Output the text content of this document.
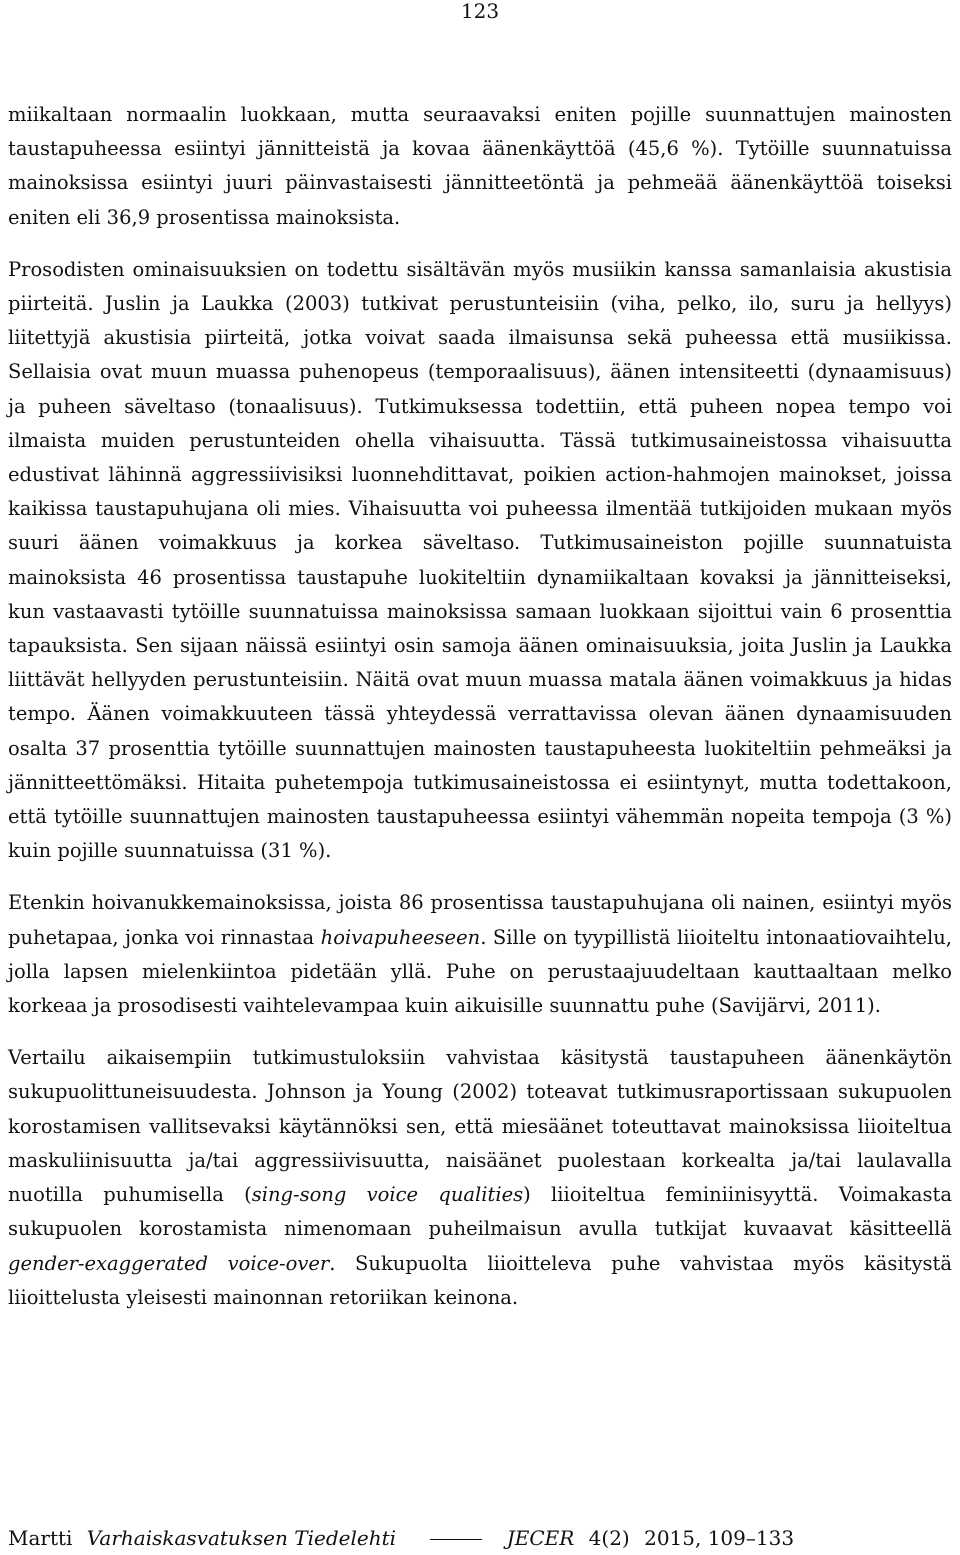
123

miikaltaan normaalin luokkaan, mutta seuraavaksi eniten pojille suunnattujen mainosten taustapuheessa esiintyi jännitteistä ja kovaa äänenkäyttöä (45,6 %). Tytöille suunnatuissa mainoksissa esiintyi juuri päinvastaisesti jännitteetöntä ja pehmeää äänenkäyttöä toiseksi eniten eli 36,9 prosentissa mainoksista.

Prosodisten ominaisuuksien on todettu sisältävän myös musiikin kanssa samanlaisia akustisia piirteitä. Juslin ja Laukka (2003) tutkivat perustunteisiin (viha, pelko, ilo, suru ja hellyys) liitettyjä akustisia piirteitä, jotka voivat saada ilmaisunsa sekä puheessa että musiikissa. Sellaisia ovat muun muassa puhenopeus (temporaalisuus), äänen intensiteetti (dynaamisuus) ja puheen säveltaso (tonaalisuus). Tutkimuksessa todettiin, että puheen nopea tempo voi ilmaista muiden perustunteiden ohella vihaisuutta. Tässä tutkimusaineistossa vihaisuutta edustivat lähinnä aggressiivisiksi luonnehdittavat, poikien action-hahmojen mainokset, joissa kaikissa taustapuhujana oli mies. Vihaisuutta voi puheessa ilmentää tutkijoiden mukaan myös suuri äänen voimakkuus ja korkea säveltaso. Tutkimusaineiston pojille suunnatuista mainoksista 46 prosentissa taustapuhe luokiteltiin dynamiikaltaan kovaksi ja jännitteiseksi, kun vastaavasti tytöille suunnatuissa mainoksissa samaan luokkaan sijoittui vain 6 prosenttia tapauksista. Sen sijaan näissä esiintyi osin samoja äänen ominaisuuksia, joita Juslin ja Laukka liittävät hellyyden perustunteisiin. Näitä ovat muun muassa matala äänen voimakkuus ja hidas tempo. Äänen voimakkuuteen tässä yhteydessä verrattavissa olevan äänen dynaamisuuden osalta 37 prosenttia tytöille suunnattujen mainosten taustapuheesta luokiteltiin pehmeäksi ja jännitteettömäksi. Hitaita puhetempoja tutkimusaineistossa ei esiintynyt, mutta todettakoon, että tytöille suunnattujen mainosten taustapuheessa esiintyi vähemmän nopeita tempoja (3 %) kuin pojille suunnatuissa (31 %).

Etenkin hoivanukkemainoksissa, joista 86 prosentissa taustapuhujana oli nainen, esiintyi myös puhetapaa, jonka voi rinnastaa hoivapuheeseen. Sille on tyypillistä liioiteltu intonaatiovaihtelu, jolla lapsen mielenkiintoa pidetään yllä. Puhe on perustaajuudeltaan kauttaaltaan melko korkeaa ja prosodisesti vaihtelevampaa kuin aikuisille suunnattu puhe (Savijärvi, 2011).

Vertailu aikaisempiin tutkimustuloksiin vahvistaa käsitystä taustapuheen äänenkäytön sukupuolittuneisuudesta. Johnson ja Young (2002) toteavat tutkimusraportissaan sukupuolen korostamisen vallitsevaksi käytännöksi sen, että miesäänet toteuttavat mainoksissa liioiteltua maskuliinisuutta ja/tai aggressiivisuutta, naisäänet puolestaan korkealta ja/tai laulavalla nuotilla puhumisella (sing-song voice qualities) liioiteltua feminiinisyyttä. Voimakasta sukupuolen korostamista nimenomaan puheilmaisun avulla tutkijat kuvaavat käsitteellä gender-exaggerated voice-over. Sukupuolta liioitteleva puhe vahvistaa myös käsitystä liioittelusta yleisesti mainonnan retoriikan keinona.

Martti Varhaiskasvatuksen Tiedelehti	JECER 4(2) 2015, 109–133
